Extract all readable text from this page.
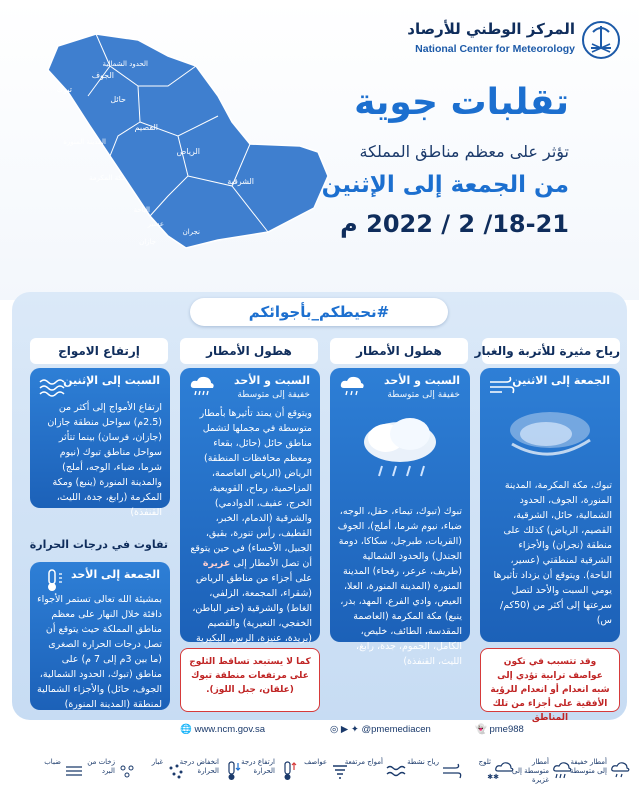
المركز الوطني للأرصاد
National Center for Meteorology
الجوف
الحدود الشمالية
تبوك
حائل
القصيم
المدينة المنورة
مكة المكرمة
الباحة
الرياض
الشرقية
عسير
جازان
نجران
تقلبات جوية
تؤثر على معظم مناطق المملكة
من الجمعة إلى الإثنين
18-21/ 2 / 2022 م
#نحيطكم_بأجوائكم
رياح مثيرة للأتربة والغبار
هطول الأمطار
هطول الأمطار
إرتفاع الامواج
الجمعة إلى الاثنين
تبوك، مكة المكرمة، المدينة المنورة، الجوف، الحدود الشمالية، حائل، الشرقية، القصيم، الرياض) كذلك على منطقة (نجران) والأجزاء الشرقية لمنطقتي (عسير، الباحة). ويتوقع أن يزداد تأثيرها يومي السبت والأحد لتصل سرعتها إلى أكثر من (50كم/س)
وقد تتسبب في تكون عواصف ترابية تؤدي إلى شبه انعدام أو انعدام للرؤية الأفقية على أجزاء من تلك المناطق
السبت و الأحد
خفيفة إلى متوسطة
تبوك (تبوك، تيماء، حقل، الوجه، ضباء، نيوم شرما، أملج)، الجوف (القريات، طبرجل، سكاكا، دومة الجندل) والحدود الشمالية (طريف، عرعر، رفحاء) المدينة المنورة (المدينة المنورة، العلا، العيص، وادي الفرع، المهد، بدر، ينبع) مكة المكرمة (العاصمة المقدسة، الطائف، خليص، الكامل، الجموم، جدة، رابغ، الليث، القنفذة)
السبت و الأحد
خفيفة إلى متوسطة
ويتوقع أن يمتد تأثيرها بأمطار متوسطة في مجملها لتشمل مناطق حائل (حائل، بقعاء ومعظم محافظات المنطقة) الرياض (الرياض العاصمة، المزاحمية، رماح، القويعية، الخرج، عفيف، الدوادمي) والشرقية (الدمام، الخبر، القطيف، رأس تنورة، بقيق، الجبيل، الأحساء) في حين يتوقع أن تصل الأمطار إلى غزيرة على أجزاء من مناطق الرياض (شقراء، المجمعة، الزلفي، الغاط) والشرقية (حفر الباطن، الخفجي، النعيرية) والقصيم (بريدة، عنيزة، الرس، البكيرية
كما لا يستبعد تساقط الثلوج على مرتفعات منطقة تبوك (علقان، جبل اللوز).
السبت إلى الإثنين
ارتفاع الأمواج إلى أكثر من (2.5م) سواحل منطقة جازان (جازان، فرسان) بينما تتأثر سواحل مناطق تبوك (نيوم شرما، ضباء، الوجه، أملج) والمدينة المنورة (ينبع) ومكة المكرمة (رابغ، جدة، الليث، القنفذة)
تفاوت في درجات الحرارة
الجمعة إلى الأحد
بمشيئة الله تعالى تستمر الأجواء دافئة خلال النهار على معظم مناطق المملكة حيث يتوقع أن تصل درجات الحرارة الصغرى (ما بين 3م إلى 7 م) على مناطق (تبوك، الحدود الشمالية، الجوف، حائل) والأجزاء الشمالية لمنطقة (المدينة المنورة)
🌐 www.ncm.gov.sa	◎ ▶ ✦ @pmemediacen	👻 pme988
أمطار خفيفة إلى متوسطة
أمطار متوسطة إلى غزيرة
✱✱
ثلوج
رياح نشطة
أمواج مرتفعة
عواصف
ارتفاع درجة الحرارة
انخفاض درجة الحرارة
غبار
زخات من البرد
ضباب
